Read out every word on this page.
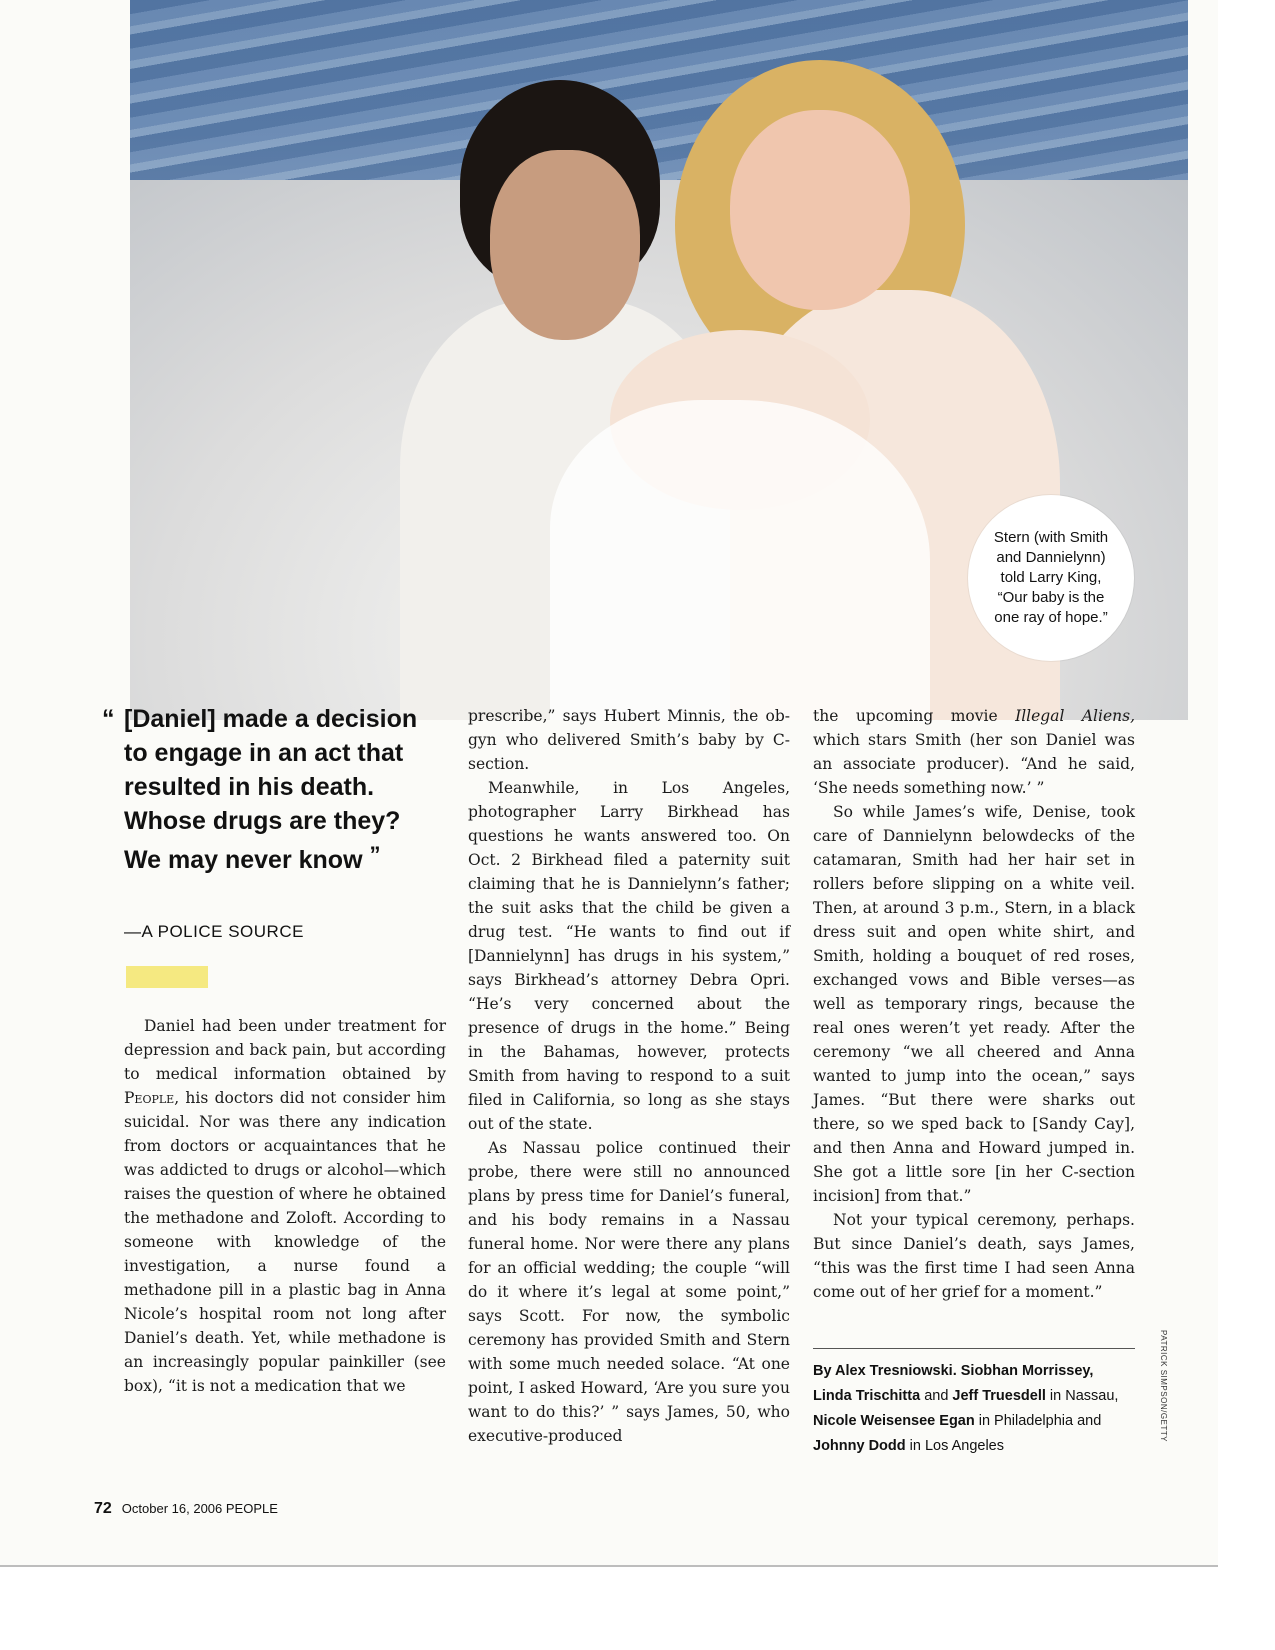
Stern (with Smith and Dannielynn) told Larry King, “Our baby is the one ray of hope.”
PATRICK SIMPSON/GETTY
“ [Daniel] made a decision to engage in an act that resulted in his death. Whose drugs are they? We may never know ”
—A POLICE SOURCE

Daniel had been under treatment for depression and back pain, but according to medical information obtained by People, his doctors did not consider him suicidal. Nor was there any indication from doctors or acquaintances that he was addicted to drugs or alcohol—which raises the question of where he obtained the methadone and Zoloft. According to someone with knowledge of the investigation, a nurse found a methadone pill in a plastic bag in Anna Nicole’s hospital room not long after Daniel’s death. Yet, while methadone is an increasingly popular painkiller (see box), “it is not a medication that we

prescribe,” says Hubert Minnis, the ob-gyn who delivered Smith’s baby by C-section.

Meanwhile, in Los Angeles, photographer Larry Birkhead has questions he wants answered too. On Oct. 2 Birkhead filed a paternity suit claiming that he is Dannielynn’s father; the suit asks that the child be given a drug test. “He wants to find out if [Dannielynn] has drugs in his system,” says Birkhead’s attorney Debra Opri. “He’s very concerned about the presence of drugs in the home.” Being in the Bahamas, however, protects Smith from having to respond to a suit filed in California, so long as she stays out of the state.

As Nassau police continued their probe, there were still no announced plans by press time for Daniel’s funeral, and his body remains in a Nassau funeral home. Nor were there any plans for an official wedding; the couple “will do it where it’s legal at some point,” says Scott. For now, the symbolic ceremony has provided Smith and Stern with some much needed solace. “At one point, I asked Howard, ‘Are you sure you want to do this?’ ” says James, 50, who executive-produced

the upcoming movie Illegal Aliens, which stars Smith (her son Daniel was an associate producer). “And he said, ‘She needs something now.’ ”

So while James’s wife, Denise, took care of Dannielynn belowdecks of the catamaran, Smith had her hair set in rollers before slipping on a white veil. Then, at around 3 p.m., Stern, in a black dress suit and open white shirt, and Smith, holding a bouquet of red roses, exchanged vows and Bible verses—as well as temporary rings, because the real ones weren’t yet ready. After the ceremony “we all cheered and Anna wanted to jump into the ocean,” says James. “But there were sharks out there, so we sped back to [Sandy Cay], and then Anna and Howard jumped in. She got a little sore [in her C-section incision] from that.”

Not your typical ceremony, perhaps. But since Daniel’s death, says James, “this was the first time I had seen Anna come out of her grief for a moment.”

By Alex Tresniowski. Siobhan Morrissey,
Linda Trischitta and Jeff Truesdell in Nassau,
Nicole Weisensee Egan in Philadelphia and
Johnny Dodd in Los Angeles
72 October 16, 2006 PEOPLE
